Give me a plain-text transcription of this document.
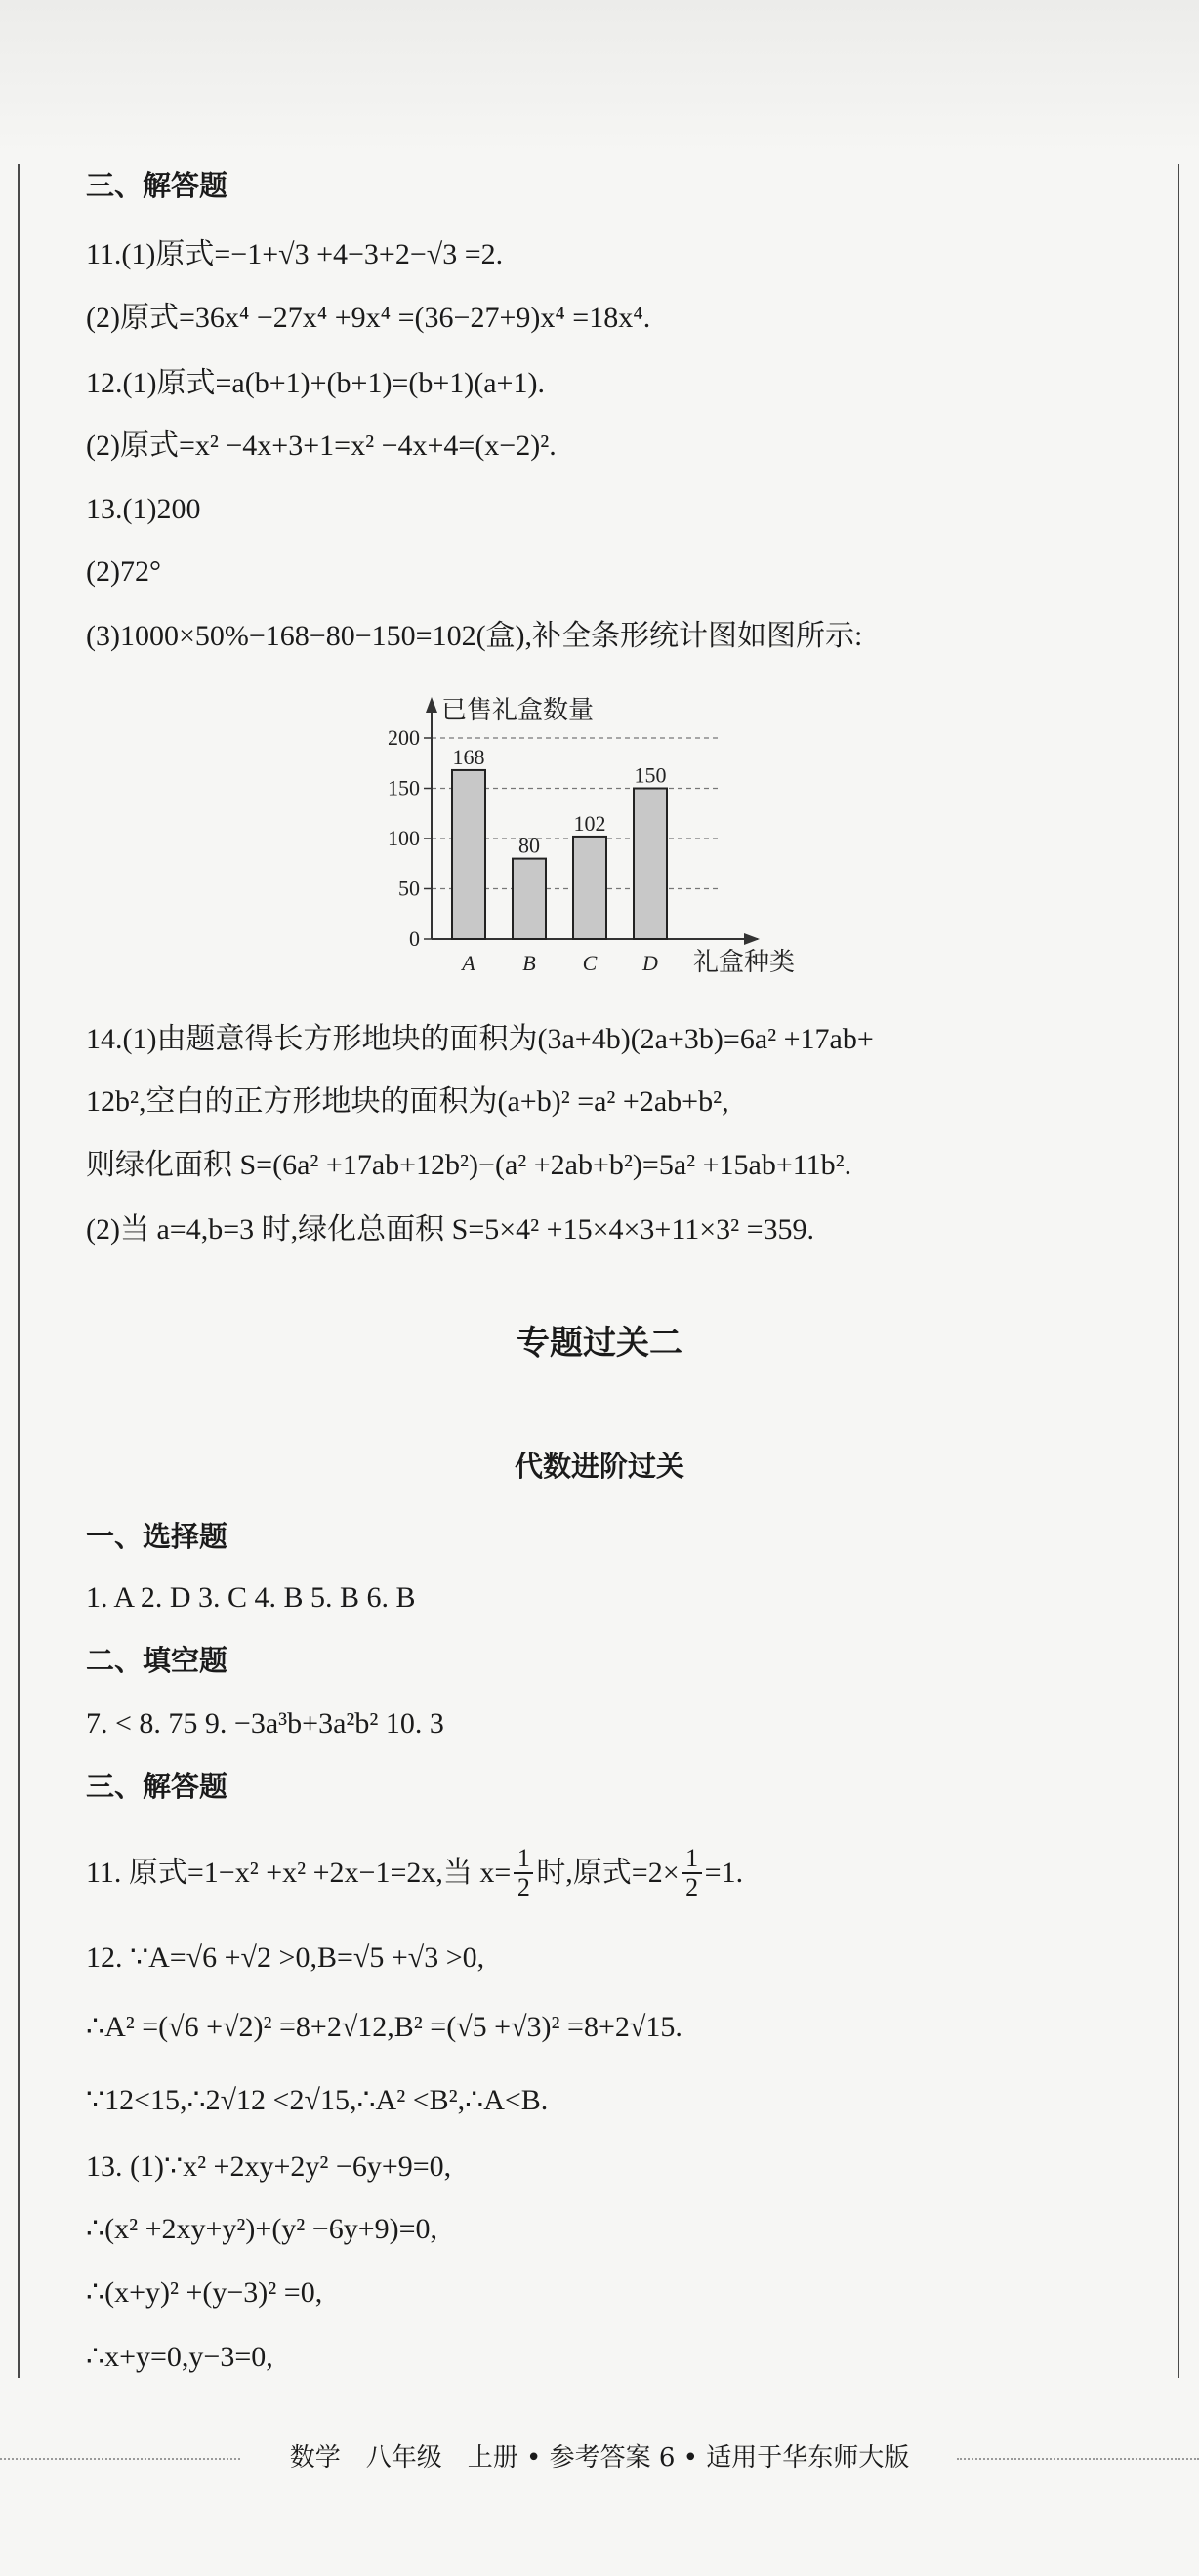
三、解答题
11.(1)原式=−1+√3 +4−3+2−√3 =2.
(2)原式=36x⁴ −27x⁴ +9x⁴ =(36−27+9)x⁴ =18x⁴.
12.(1)原式=a(b+1)+(b+1)=(b+1)(a+1).
(2)原式=x² −4x+3+1=x² −4x+4=(x−2)².
13.(1)200
(2)72°
(3)1000×50%−168−80−150=102(盒),补全条形统计图如图所示:
0
50
100
150
200
已售礼盒数量
礼盒种类
168
A
80
B
102
C
150
D
14.(1)由题意得长方形地块的面积为(3a+4b)(2a+3b)=6a² +17ab+
12b²,空白的正方形地块的面积为(a+b)² =a² +2ab+b²,
则绿化面积 S=(6a² +17ab+12b²)−(a² +2ab+b²)=5a² +15ab+11b².
(2)当 a=4,b=3 时,绿化总面积 S=5×4² +15×4×3+11×3² =359.
专题过关二
代数进阶过关
一、选择题
1. A 2. D 3. C 4. B 5. B 6. B
二、填空题
7. < 8. 75 9. −3a³b+3a²b² 10. 3
三、解答题
11. 原式=1−x² +x² +2x−1=2x,当 x= 1
2 时,原式=2× 1
2 =1.
12. ∵A=√6 +√2 >0,B=√5 +√3 >0,
∴A² =(√6 +√2)² =8+2√12,B² =(√5 +√3)² =8+2√15.
∵12<15,∴2√12 <2√15,∴A² <B²,∴A<B.
13. (1)∵x² +2xy+2y² −6y+9=0,
∴(x² +2xy+y²)+(y² −6y+9)=0,
∴(x+y)² +(y−3)² =0,
∴x+y=0,y−3=0,
数学　八年级　上册 • 参考答案 6 • 适用于华东师大版
